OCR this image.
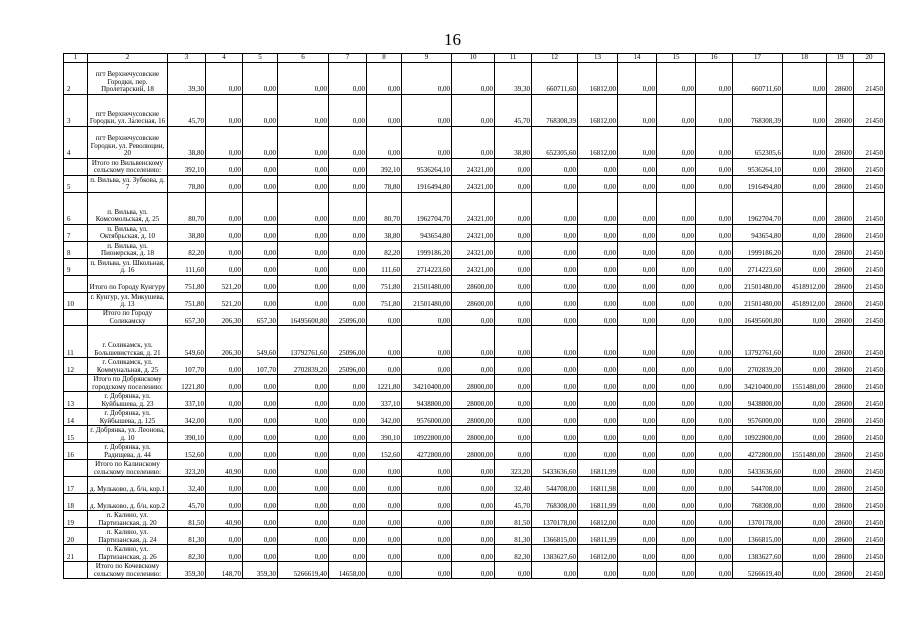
16
1	2	3	4	5	6	7	8	9	10	11	12	13	14	15	16	17	18	19	20
2	пгт Верхнечусовские Городки, пер. Пролетарский, 18	39,30	0,00	0,00	0,00	0,00	0,00	0,00	0,00	39,30	660711,60	16812,00	0,00	0,00	0,00	660711,60	0,00	28600	21450
3	пгт Верхнечусовские Городки, ул. Залесная, 16	45,70	0,00	0,00	0,00	0,00	0,00	0,00	0,00	45,70	768308,39	16812,00	0,00	0,00	0,00	768308,39	0,00	28600	21450
4	пгт Верхнечусовские Городки, ул. Революции, 20	38,80	0,00	0,00	0,00	0,00	0,00	0,00	0,00	38,80	652305,60	16812,00	0,00	0,00	0,00	652305,6	0,00	28600	21450
	Итого по Вильвенскому сельскому поселению:	392,10	0,00	0,00	0,00	0,00	392,10	9536264,10	24321,00	0,00	0,00	0,00	0,00	0,00	0,00	9536264,10	0,00	28600	21450
5	п. Вильва, ул. Зубкова, д. 7	78,80	0,00	0,00	0,00	0,00	78,80	1916494,80	24321,00	0,00	0,00	0,00	0,00	0,00	0,00	1916494,80	0,00	28600	21450
6	п. Вильва, ул. Комсомольская, д. 25	80,70	0,00	0,00	0,00	0,00	80,70	1962704,70	24321,00	0,00	0,00	0,00	0,00	0,00	0,00	1962704,70	0,00	28600	21450
7	п. Вильва, ул. Октябрьская, д. 10	38,80	0,00	0,00	0,00	0,00	38,80	943654,80	24321,00	0,00	0,00	0,00	0,00	0,00	0,00	943654,80	0,00	28600	21450
8	п. Вильва, ул. Пионерская, д. 18	82,20	0,00	0,00	0,00	0,00	82,20	1999186,20	24321,00	0,00	0,00	0,00	0,00	0,00	0,00	1999186,20	0,00	28600	21450
9	п. Вильва, ул. Школьная, д. 16	111,60	0,00	0,00	0,00	0,00	111,60	2714223,60	24321,00	0,00	0,00	0,00	0,00	0,00	0,00	2714223,60	0,00	28600	21450
	Итого по Городу Кунгуру	751,80	521,20	0,00	0,00	0,00	751,80	21501480,00	28600,00	0,00	0,00	0,00	0,00	0,00	0,00	21501480,00	4518912,00	28600	21450
10	г. Кунгур, ул. Микушева, д. 13	751,80	521,20	0,00	0,00	0,00	751,80	21501480,00	28600,00	0,00	0,00	0,00	0,00	0,00	0,00	21501480,00	4518912,00	28600	21450
	Итого по Городу Соликамску	657,30	206,30	657,30	16495600,80	25096,00	0,00	0,00	0,00	0,00	0,00	0,00	0,00	0,00	0,00	16495600,80	0,00	28600	21450
11	г. Соликамск, ул. Большевистская, д. 21	549,60	206,30	549,60	13792761,60	25096,00	0,00	0,00	0,00	0,00	0,00	0,00	0,00	0,00	0,00	13792761,60	0,00	28600	21450
12	г. Соликамск, ул. Коммунальная, д. 25	107,70	0,00	107,70	2702839,20	25096,00	0,00	0,00	0,00	0,00	0,00	0,00	0,00	0,00	0,00	2702839,20	0,00	28600	21450
	Итого по Добрянскому городскому поселению:	1221,80	0,00	0,00	0,00	0,00	1221,80	34210400,00	28000,00	0,00	0,00	0,00	0,00	0,00	0,00	34210400,00	1551480,00	28600	21450
13	г. Добрянка, ул. Куйбышева, д. 23	337,10	0,00	0,00	0,00	0,00	337,10	9438800,00	28000,00	0,00	0,00	0,00	0,00	0,00	0,00	9438800,00	0,00	28600	21450
14	г. Добрянка, ул. Куйбышева, д. 125	342,00	0,00	0,00	0,00	0,00	342,00	9576000,00	28000,00	0,00	0,00	0,00	0,00	0,00	0,00	9576000,00	0,00	28600	21450
15	г. Добрянка, ул. Леонова, д. 10	390,10	0,00	0,00	0,00	0,00	390,10	10922800,00	28000,00	0,00	0,00	0,00	0,00	0,00	0,00	10922800,00	0,00	28600	21450
16	г. Добрянка, ул. Радищева, д. 44	152,60	0,00	0,00	0,00	0,00	152,60	4272800,00	28000,00	0,00	0,00	0,00	0,00	0,00	0,00	4272800,00	1551480,00	28600	21450
	Итого по Калинскому сельскому поселению:	323,20	40,90	0,00	0,00	0,00	0,00	0,00	0,00	323,20	5433636,60	16811,99	0,00	0,00	0,00	5433636,60	0,00	28600	21450
17	д. Мульково, д. б/н, кор.1	32,40	0,00	0,00	0,00	0,00	0,00	0,00	0,00	32,40	544708,00	16811,98	0,00	0,00	0,00	544708,00	0,00	28600	21450
18	д. Мульково, д. б/н, кор.2	45,70	0,00	0,00	0,00	0,00	0,00	0,00	0,00	45,70	768308,00	16811,99	0,00	0,00	0,00	768308,00	0,00	28600	21450
19	п. Калино, ул. Партизанская, д. 20	81,50	40,90	0,00	0,00	0,00	0,00	0,00	0,00	81,50	1370178,00	16812,00	0,00	0,00	0,00	1370178,00	0,00	28600	21450
20	п. Калино, ул. Партизанская, д. 24	81,30	0,00	0,00	0,00	0,00	0,00	0,00	0,00	81,30	1366815,00	16811,99	0,00	0,00	0,00	1366815,00	0,00	28600	21450
21	п. Калино, ул. Партизанская, д. 26	82,30	0,00	0,00	0,00	0,00	0,00	0,00	0,00	82,30	1383627,60	16812,00	0,00	0,00	0,00	1383627,60	0,00	28600	21450
	Итого по Кочевскому сельскому поселению:	359,30	148,70	359,30	5266619,40	14658,00	0,00	0,00	0,00	0,00	0,00	0,00	0,00	0,00	0,00	5266619,40	0,00	28600	21450
